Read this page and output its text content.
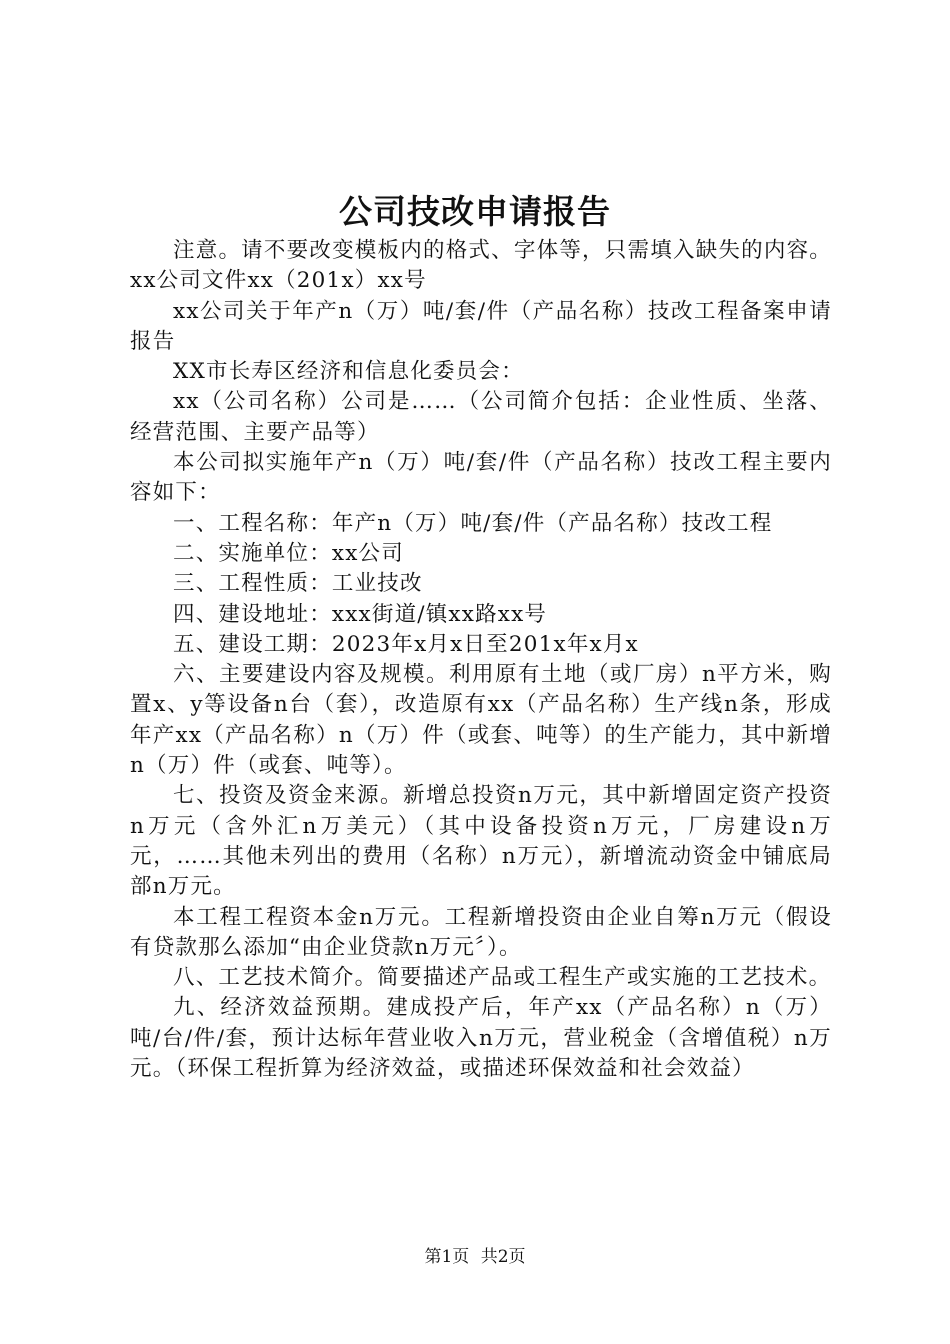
公司技改申请报告

注意。请不要改变模板内的格式、字体等，只需填入缺失的内容。xx公司文件xx（201x）xx号

xx公司关于年产n（万）吨/套/件（产品名称）技改工程备案申请报告

XX市长寿区经济和信息化委员会：

xx（公司名称）公司是……（公司简介包括：企业性质、坐落、经营范围、主要产品等）

本公司拟实施年产n（万）吨/套/件（产品名称）技改工程主要内容如下：

一、工程名称：年产n（万）吨/套/件（产品名称）技改工程

二、实施单位：xx公司

三、工程性质：工业技改

四、建设地址：xxx街道/镇xx路xx号

五、建设工期：2023年x月x日至201x年x月x

六、主要建设内容及规模。利用原有土地（或厂房）n平方米，购置x、y等设备n台（套），改造原有xx（产品名称）生产线n条，形成年产xx（产品名称）n（万）件（或套、吨等）的生产能力，其中新增n（万）件（或套、吨等）。

七、投资及资金来源。新增总投资n万元，其中新增固定资产投资n万元（含外汇n万美元）（其中设备投资n万元，厂房建设n万元，……其他未列出的费用（名称）n万元），新增流动资金中铺底局部n万元。

本工程工程资本金n万元。工程新增投资由企业自筹n万元（假设有贷款那么添加“由企业贷款n万元〞）。

八、工艺技术简介。简要描述产品或工程生产或实施的工艺技术。

九、经济效益预期。建成投产后，年产xx（产品名称）n（万）吨/台/件/套，预计达标年营业收入n万元，营业税金（含增值税）n万元。（环保工程折算为经济效益，或描述环保效益和社会效益）

第1页 共2页
